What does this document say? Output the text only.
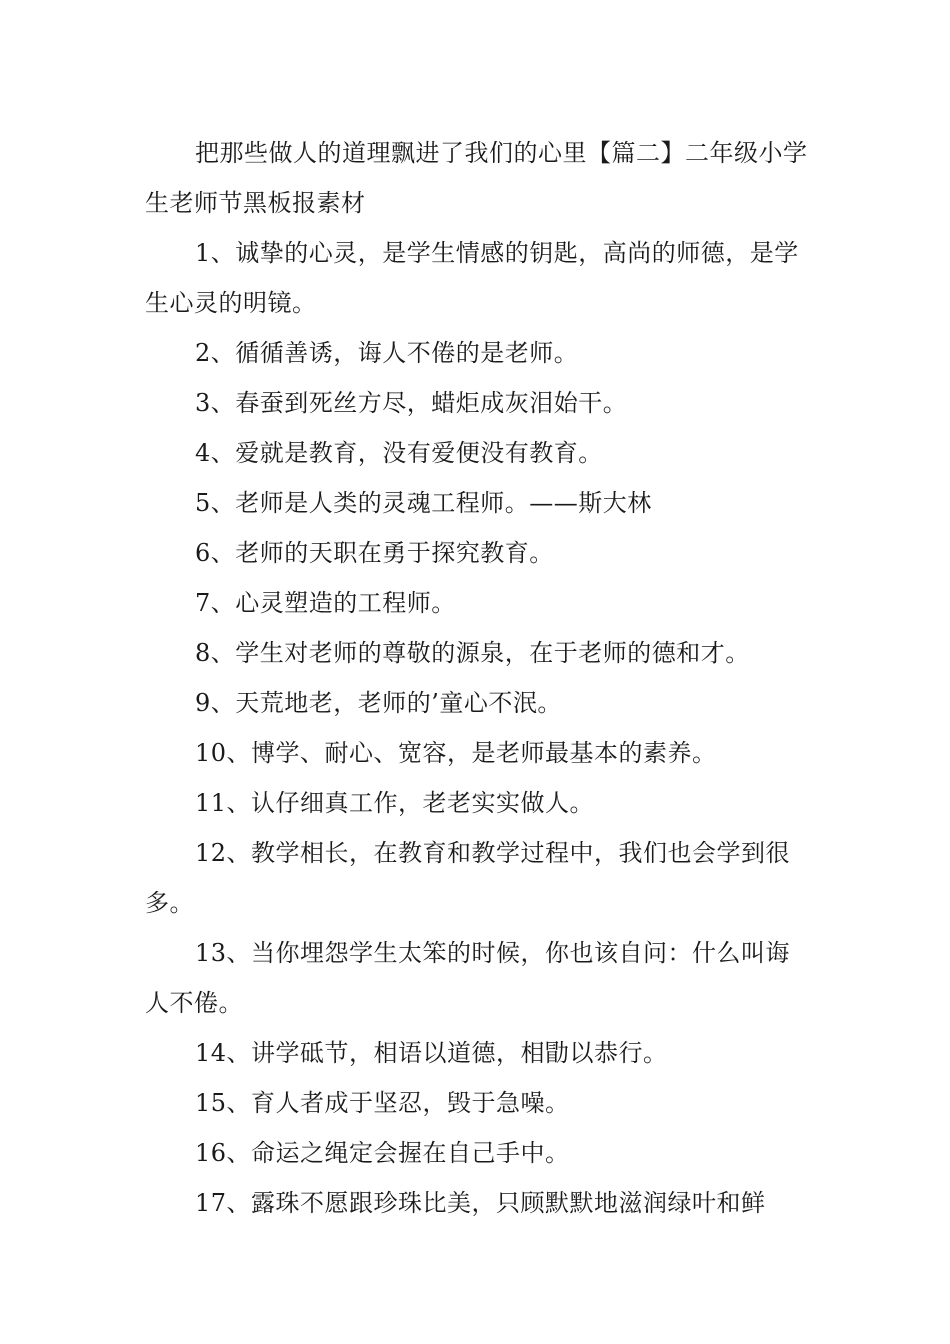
把那些做人的道理飘进了我们的心里【篇二】二年级小学生老师节黑板报素材

1、诚挚的心灵，是学生情感的钥匙，高尚的师德，是学生心灵的明镜。

2、循循善诱，诲人不倦的是老师。

3、春蚕到死丝方尽，蜡炬成灰泪始干。

4、爱就是教育，没有爱便没有教育。

5、老师是人类的灵魂工程师。——斯大林

6、老师的天职在勇于探究教育。

7、心灵塑造的工程师。

8、学生对老师的尊敬的源泉，在于老师的德和才。

9、天荒地老，老师的’童心不泯。

10、博学、耐心、宽容，是老师最基本的素养。

11、认仔细真工作，老老实实做人。

12、教学相长，在教育和教学过程中，我们也会学到很多。

13、当你埋怨学生太笨的时候，你也该自问：什么叫诲人不倦。

14、讲学砥节，相语以道德，相勖以恭行。

15、育人者成于坚忍，毁于急噪。

16、命运之绳定会握在自己手中。

17、露珠不愿跟珍珠比美，只顾默默地滋润绿叶和鲜
